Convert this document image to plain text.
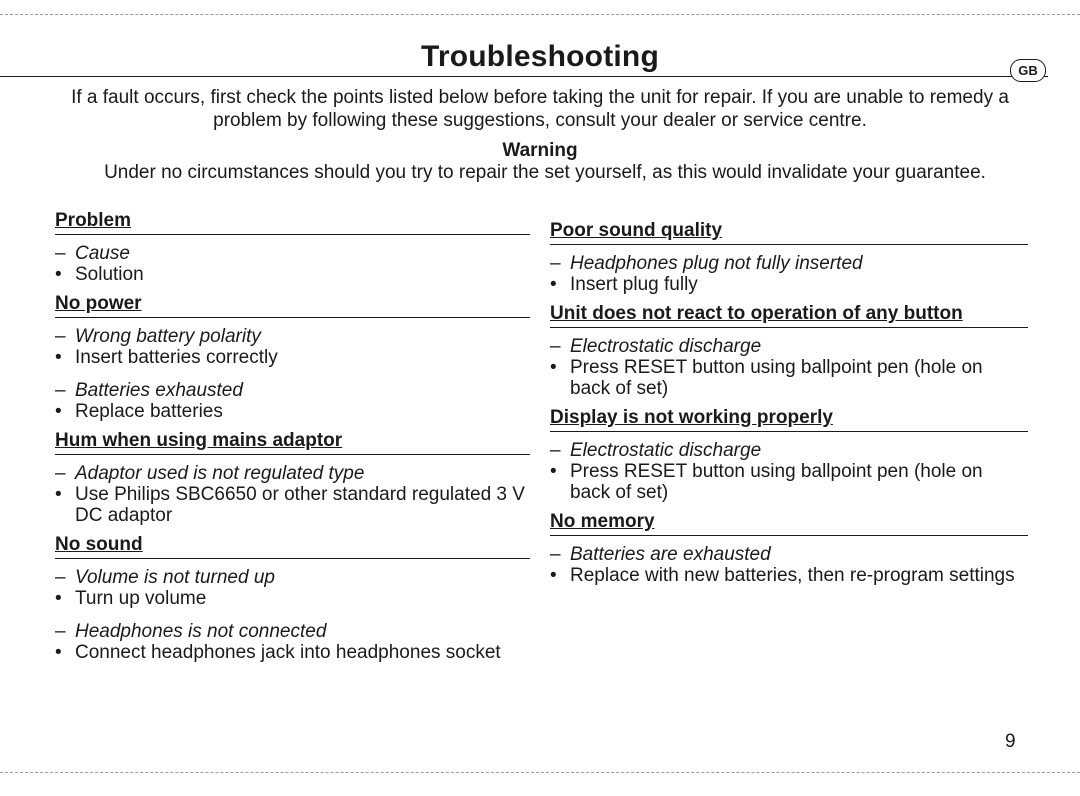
Troubleshooting	GB
If a fault occurs, first check the points listed below before taking the unit for repair. If you are unable to remedy a problem by following these suggestions, consult your dealer or service centre.
Warning
Under no circumstances should you try to repair the set yourself, as this would invalidate your guarantee.
Problem
– Cause
• Solution
No power
– Wrong battery polarity
• Insert batteries correctly
– Batteries exhausted
• Replace batteries
Hum when using mains adaptor
– Adaptor used is not regulated type
• Use Philips SBC6650 or other standard regulated 3 V DC adaptor
No sound
– Volume is not turned up
• Turn up volume
– Headphones is not connected
• Connect headphones jack into headphones socket
Poor sound quality
– Headphones plug not fully inserted
• Insert plug fully
Unit does not react to operation of any button
– Electrostatic discharge
• Press RESET button using ballpoint pen (hole on back of set)
Display is not working properly
– Electrostatic discharge
• Press RESET button using ballpoint pen (hole on back of set)
No memory
– Batteries are exhausted
• Replace with new batteries, then re-program settings
9
